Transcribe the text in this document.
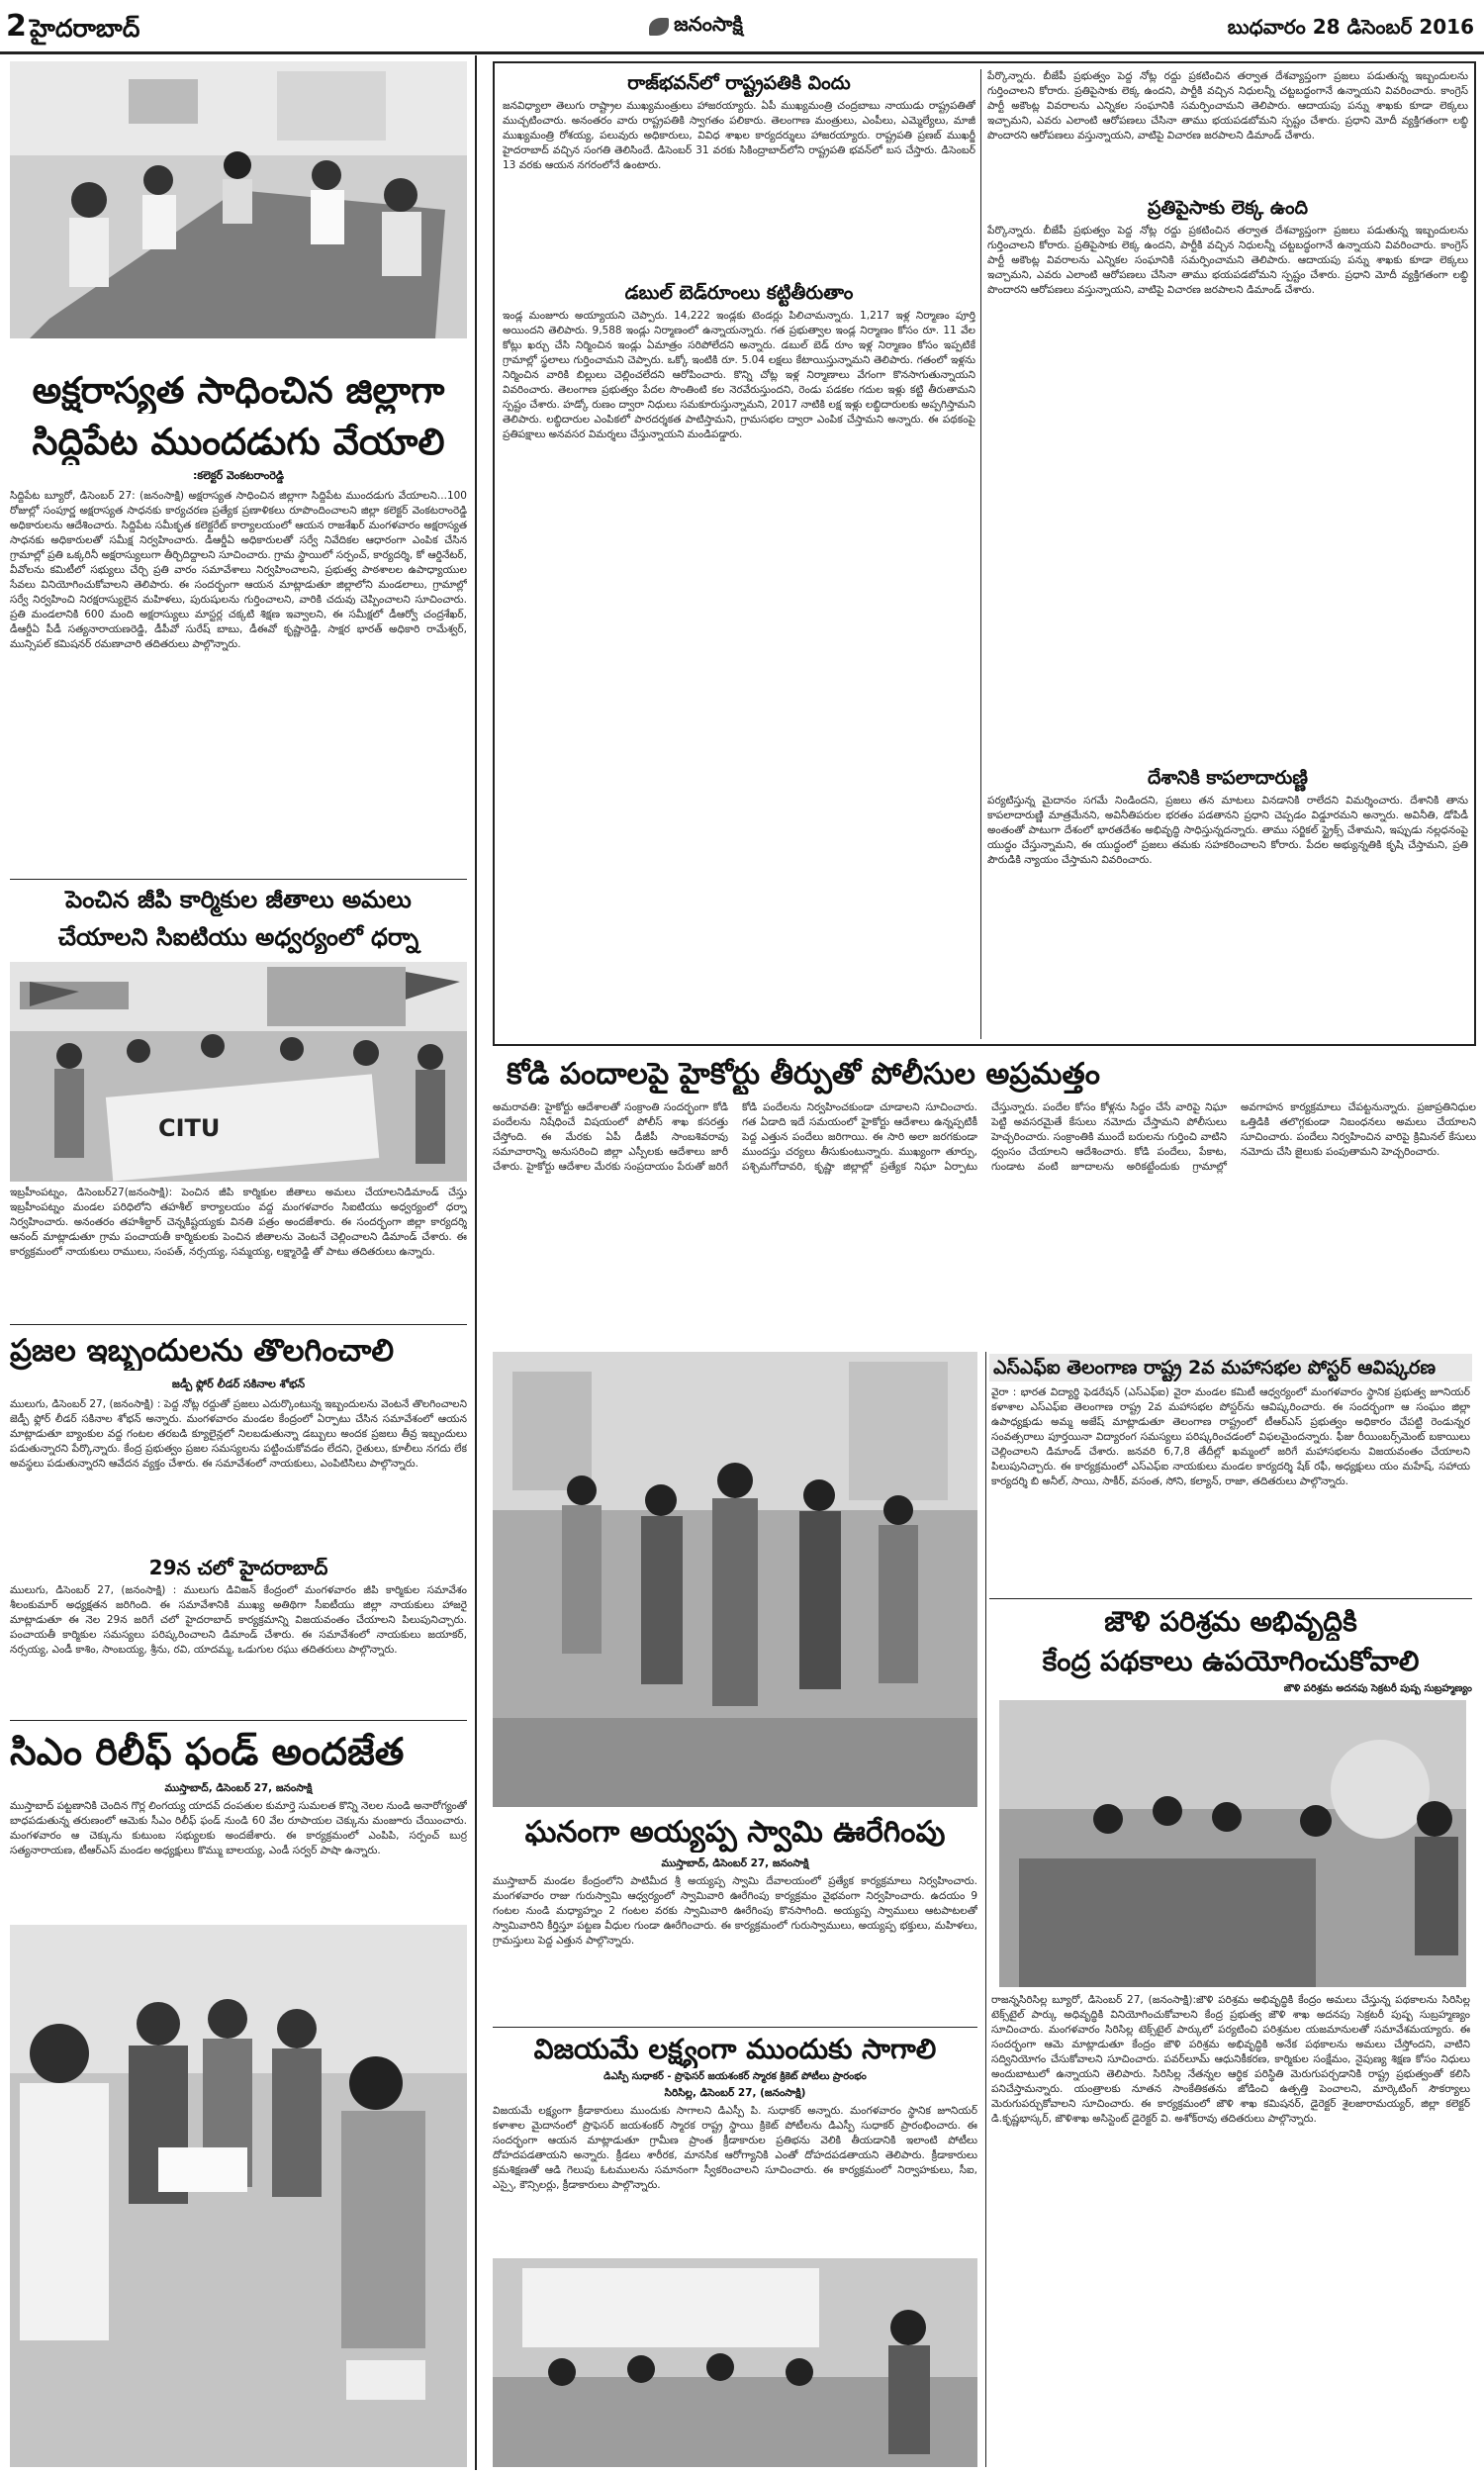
2 హైదరాబాద్	జనంసాక్షి	బుధవారం 28 డిసెంబర్ 2016
అక్షరాస్యత సాధించిన జిల్లాగా
సిద్దిపేట ముందడుగు వేయాలి
:కలెక్టర్ వెంకటరాంరెడ్డి
సిద్దిపేట బ్యూరో, డిసెంబర్ 27: (జనంసాక్షి) అక్షరాస్యత సాధించిన జిల్లాగా సిద్దిపేట ముందడుగు వేయాలని...100 రోజుల్లో సంపూర్ణ అక్షరాస్యత సాధనకు కార్యచరణ ప్రత్యేక ప్రణాళికలు రూపొందించాలని జిల్లా కలెక్టర్ వెంకటరాంరెడ్డి అధికారులను ఆదేశించారు. సిద్దిపేట సమీకృత కలెక్టరేట్ కార్యాలయంలో ఆయన రాజశేఖర్ మంగళవారం అక్షరాస్యత సాధనకు అధికారులతో సమీక్ష నిర్వహించారు. డీఆర్డీఏ అధికారులతో సర్వే నివేదికల ఆధారంగా ఎంపిక చేసిన గ్రామాల్లో ప్రతి ఒక్కరినీ అక్షరాస్యులుగా తీర్చిదిద్దాలని సూచించారు. గ్రామ స్థాయిలో సర్పంచ్, కార్యదర్శి, కో ఆర్డినేటర్, వీవోలను కమిటీలో సభ్యులు చేర్చి ప్రతి వారం సమావేశాలు నిర్వహించాలని, ప్రభుత్వ పాఠశాలల ఉపాధ్యాయుల సేవలు వినియోగించుకోవాలని తెలిపారు. ఈ సందర్భంగా ఆయన మాట్లాడుతూ జిల్లాలోని మండలాలు, గ్రామాల్లో సర్వే నిర్వహించి నిరక్షరాస్యులైన మహిళలు, పురుషులను గుర్తించాలని, వారికి చదువు చెప్పించాలని సూచించారు. ప్రతి మండలానికి 600 మంది అక్షరాస్యులు మాస్టర్ల చక్కటి శిక్షణ ఇవ్వాలని, ఈ సమీక్షలో డీఆర్వో చంద్రశేఖర్, డీఆర్డీఏ పీడీ సత్యనారాయణరెడ్డి, డీపీవో సురేష్ బాబు, డీఈవో కృష్ణారెడ్డి, సాక్షర భారత్ అధికారి రామేశ్వర్, మున్సిపల్ కమిషనర్ రమణాచారి తదితరులు పాల్గొన్నారు.
పెంచిన జీపి కార్మికుల జీతాలు అమలు
చేయాలని సిఐటియు అధ్వర్యంలో ధర్నా
CITU
ఇబ్రహీంపట్నం, డిసెంబర్27(జనంసాక్షి): పెంచిన జీపి కార్మికుల జీతాలు అమలు చేయాలనిడిమాండ్ చేస్తు ఇబ్రహీంపట్నం మండల పరిధిలోని తహశీల్ కార్యాలయం వద్ద మంగళవారం సిఐటియు అధ్వర్యంలో ధర్నా నిర్వహించారు. అనంతరం తహశీల్దార్ చెన్నకిష్టయ్యకు వినతి పత్రం అందజేశారు. ఈ సందర్భంగా జిల్లా కార్యదర్శి ఆనంద్ మాట్లాడుతూ గ్రామ పంచాయతీ కార్మికులకు పెంచిన జీతాలను వెంటనే చెల్లించాలని డిమాండ్ చేశారు. ఈ కార్యక్రమంలో నాయకులు రాములు, సంపత్, నర్సయ్య, సమ్మయ్య, లక్ష్మారెడ్డి తో పాటు తదితరులు ఉన్నారు.
ప్రజల ఇబ్బందులను తొలగించాలి
జడ్పీ ఫ్లోర్ లీడర్ సకినాల శోభన్
ములుగు, డిసెంబర్ 27, (జనంసాక్షి) : పెద్ద నోట్ల రద్దుతో ప్రజలు ఎదుర్కొంటున్న ఇబ్బందులను వెంటనే తొలగించాలని జెడ్పీ ఫ్లోర్ లీడర్ సకినాల శోభన్ అన్నారు. మంగళవారం మండల కేంద్రంలో ఏర్పాటు చేసిన సమావేశంలో ఆయన మాట్లాడుతూ బ్యాంకుల వద్ద గంటల తరబడి క్యూలైన్లలో నిలబడుతున్నా డబ్బులు అందక ప్రజలు తీవ్ర ఇబ్బందులు పడుతున్నారని పేర్కొన్నారు. కేంద్ర ప్రభుత్వం ప్రజల సమస్యలను పట్టించుకోవడం లేదని, రైతులు, కూలీలు నగదు లేక అవస్థలు పడుతున్నారని ఆవేదన వ్యక్తం చేశారు. ఈ సమావేశంలో నాయకులు, ఎంపిటిసిలు పాల్గొన్నారు.
29న చలో హైదరాబాద్
ములుగు, డిసెంబర్ 27, (జనంసాక్షి) : ములుగు డివిజన్ కేంద్రంలో మంగళవారం జీపి కార్మికుల సమావేశం శీలంకుమార్ అధ్యక్షతన జరిగింది. ఈ సమావేశానికి ముఖ్య అతిథిగా సీఐటీయు జిల్లా నాయకులు హాజరై మాట్లాడుతూ ఈ నెల 29న జరిగే చలో హైదరాబాద్ కార్యక్రమాన్ని విజయవంతం చేయాలని పిలుపునిచ్చారు. పంచాయతీ కార్మికుల సమస్యలు పరిష్కరించాలని డిమాండ్ చేశారు. ఈ సమావేశంలో నాయకులు జయాకర్, నర్సయ్య, ఎండీ కాశిం, సాంబయ్య, శ్రీను, రవి, యాదమ్మ, ఒడుగుల రఘు తదితరులు పాల్గొన్నారు.
సిఎం రిలీఫ్ ఫండ్ అందజేత
ముస్తాబాద్, డిసెంబర్ 27, జనంసాక్షి
ముస్తాబాద్ పట్టణానికి చెందిన గొర్ల లింగయ్య యాదవ్ దంపతుల కుమార్తె సుమలత కొన్ని నెలల నుండి అనారోగ్యంతో బాధపడుతున్న తరుణంలో ఆమెకు సీఎం రిలీఫ్ ఫండ్ నుండి 60 వేల రూపాయల చెక్కును మంజూరు చేయించారు. మంగళవారం ఆ చెక్కును కుటుంబ సభ్యులకు అందజేశారు. ఈ కార్యక్రమంలో ఎంపిపి, సర్పంచ్ బుర్ర సత్యనారాయణ, టీఆర్ఎస్ మండల అధ్యక్షులు కొమ్ము బాలయ్య, ఎండీ సర్వర్ పాషా ఉన్నారు.
రాజ్‌భవన్‌లో రాష్ట్రపతికి విందు
జనవిధ్యాలా తెలుగు రాష్ట్రాల ముఖ్యమంత్రులు హాజరయ్యారు. ఏపీ ముఖ్యమంత్రి చంద్రబాబు నాయుడు రాష్ట్రపతితో ముచ్చటించారు. అనంతరం వారు రాష్ట్రపతికి స్వాగతం పలికారు. తెలంగాణ మంత్రులు, ఎంపీలు, ఎమ్మెల్యేలు, మాజీ ముఖ్యమంత్రి రోశయ్య, పలువురు అధికారులు, వివిధ శాఖల కార్యదర్శులు హాజరయ్యారు. రాష్ట్రపతి ప్రణబ్ ముఖర్జీ హైదరాబాద్ వచ్చిన సంగతి తెలిసిందే. డిసెంబర్ 31 వరకు సికింద్రాబాద్‌లోని రాష్ట్రపతి భవన్‌లో బస చేస్తారు. డిసెంబర్ 13 వరకు ఆయన నగరంలోనే ఉంటారు.
డబుల్ బెడ్‌రూంలు కట్టితీరుతాం
ఇండ్ల మంజూరు అయ్యాయని చెప్పారు. 14,222 ఇండ్లకు టెండర్లు పిలిచామన్నారు. 1,217 ఇళ్ల నిర్మాణం పూర్తి అయిందని తెలిపారు. 9,588 ఇండ్లు నిర్మాణంలో ఉన్నాయన్నారు. గత ప్రభుత్వాల ఇండ్ల నిర్మాణం కోసం రూ. 11 వేల కోట్లు ఖర్చు చేసి నిర్మించిన ఇండ్లు ఏమాత్రం సరిపోలేదని అన్నారు. డబుల్ బెడ్ రూం ఇళ్ల నిర్మాణం కోసం ఇప్పటికే గ్రామాల్లో స్థలాలు గుర్తించామని చెప్పారు. ఒక్కో ఇంటికి రూ. 5.04 లక్షలు కేటాయిస్తున్నామని తెలిపారు. గతంలో ఇళ్లను నిర్మించిన వారికి బిల్లులు చెల్లించలేదని ఆరోపించారు. కొన్ని చోట్ల ఇళ్ల నిర్మాణాలు వేగంగా కొనసాగుతున్నాయని వివరించారు. తెలంగాణ ప్రభుత్వం పేదల సొంతింటి కల నెరవేరుస్తుందని, రెండు పడకల గదుల ఇళ్లు కట్టి తీరుతామని స్పష్టం చేశారు. హడ్కో రుణం ద్వారా నిధులు సమకూరుస్తున్నామని, 2017 నాటికి లక్ష ఇళ్లు లబ్ధిదారులకు అప్పగిస్తామని తెలిపారు. లబ్ధిదారుల ఎంపికలో పారదర్శకత పాటిస్తామని, గ్రామసభల ద్వారా ఎంపిక చేస్తామని అన్నారు. ఈ పథకంపై ప్రతిపక్షాలు అనవసర విమర్శలు చేస్తున్నాయని మండిపడ్డారు.
పేర్కొన్నారు. బీజేపీ ప్రభుత్వం పెద్ద నోట్ల రద్దు ప్రకటించిన తర్వాత దేశవ్యాప్తంగా ప్రజలు పడుతున్న ఇబ్బందులను గుర్తించాలని కోరారు. ప్రతిపైసాకు లెక్క ఉందని, పార్టీకి వచ్చిన నిధులన్నీ చట్టబద్ధంగానే ఉన్నాయని వివరించారు. కాంగ్రెస్ పార్టీ అకౌంట్ల వివరాలను ఎన్నికల సంఘానికి సమర్పించామని తెలిపారు. ఆదాయపు పన్ను శాఖకు కూడా లెక్కలు ఇచ్చామని, ఎవరు ఎలాంటి ఆరోపణలు చేసినా తాము భయపడబోమని స్పష్టం చేశారు. ప్రధాని మోదీ వ్యక్తిగతంగా లబ్ధి పొందారని ఆరోపణలు వస్తున్నాయని, వాటిపై విచారణ జరపాలని డిమాండ్ చేశారు.
ప్రతిపైసాకు లెక్క ఉంది
పేర్కొన్నారు. బీజేపీ ప్రభుత్వం పెద్ద నోట్ల రద్దు ప్రకటించిన తర్వాత దేశవ్యాప్తంగా ప్రజలు పడుతున్న ఇబ్బందులను గుర్తించాలని కోరారు. ప్రతిపైసాకు లెక్క ఉందని, పార్టీకి వచ్చిన నిధులన్నీ చట్టబద్ధంగానే ఉన్నాయని వివరించారు. కాంగ్రెస్ పార్టీ అకౌంట్ల వివరాలను ఎన్నికల సంఘానికి సమర్పించామని తెలిపారు. ఆదాయపు పన్ను శాఖకు కూడా లెక్కలు ఇచ్చామని, ఎవరు ఎలాంటి ఆరోపణలు చేసినా తాము భయపడబోమని స్పష్టం చేశారు. ప్రధాని మోదీ వ్యక్తిగతంగా లబ్ధి పొందారని ఆరోపణలు వస్తున్నాయని, వాటిపై విచారణ జరపాలని డిమాండ్ చేశారు.
దేశానికి కాపలాదారుణ్ణి
పర్యటిస్తున్న మైదానం సగమే నిండిందని, ప్రజలు తన మాటలు వినడానికి రాలేదని విమర్శించారు. దేశానికి తాను కాపలాదారుణ్ణి మాత్రమేనని, అవినీతిపరుల భరతం పడతానని ప్రధాని చెప్పడం విడ్డూరమని అన్నారు. అవినీతి, డోపిడీ అంతంతో పాటుగా దేశంలో భారతదేశం అభివృద్ధి సాధిస్తున్నదన్నారు. తాము సర్జికల్ స్ట్రైక్స్ చేశామని, ఇప్పుడు నల్లధనంపై యుద్ధం చేస్తున్నామని, ఈ యుద్ధంలో ప్రజలు తమకు సహకరించాలని కోరారు. పేదల అభ్యున్నతికి కృషి చేస్తామని, ప్రతి పౌరుడికి న్యాయం చేస్తామని వివరించారు.
కోడి పందాలపై హైకోర్టు తీర్పుతో పోలీసుల అప్రమత్తం
అమరావతి: హైకోర్టు ఆదేశాలతో సంక్రాంతి సందర్భంగా కోడి పందేలను నిషేధించే విషయంలో పోలీస్ శాఖ కసరత్తు చేస్తోంది. ఈ మేరకు ఏపీ డీజీపీ సాంబశివరావు సమాచారాన్ని అనుసరించి జిల్లా ఎస్పీలకు ఆదేశాలు జారీ చేశారు. హైకోర్టు ఆదేశాల మేరకు సంప్రదాయం పేరుతో జరిగే కోడి పందేలను నిర్వహించకుండా చూడాలని సూచించారు. గత ఏడాది ఇదే సమయంలో హైకోర్టు ఆదేశాలు ఉన్నప్పటికీ పెద్ద ఎత్తున పందేలు జరిగాయి. ఈ సారి అలా జరగకుండా ముందస్తు చర్యలు తీసుకుంటున్నారు. ముఖ్యంగా తూర్పు, పశ్చిమగోదావరి, కృష్ణా జిల్లాల్లో ప్రత్యేక నిఘా ఏర్పాటు చేస్తున్నారు. పందేల కోసం కోళ్లను సిద్ధం చేసే వారిపై నిఘా పెట్టి అవసరమైతే కేసులు నమోదు చేస్తామని పోలీసులు హెచ్చరించారు. సంక్రాంతికి ముందే బరులను గుర్తించి వాటిని ధ్వంసం చేయాలని ఆదేశించారు. కోడి పందేలు, పేకాట, గుండాట వంటి జూదాలను అరికట్టేందుకు గ్రామాల్లో అవగాహన కార్యక్రమాలు చేపట్టనున్నారు. ప్రజాప్రతినిధుల ఒత్తిడికి తలొగ్గకుండా నిబంధనలు అమలు చేయాలని సూచించారు. పందేలు నిర్వహించిన వారిపై క్రిమినల్ కేసులు నమోదు చేసి జైలుకు పంపుతామని హెచ్చరించారు.
ఎస్ఎఫ్ఐ తెలంగాణ రాష్ట్ర 2వ మహాసభల పోస్టర్ ఆవిష్కరణ
వైరా : భారత విద్యార్థి ఫెడరేషన్ (ఎస్ఎఫ్ఐ) వైరా మండల కమిటీ ఆధ్వర్యంలో మంగళవారం స్థానిక ప్రభుత్వ జూనియర్ కళాశాల ఎస్ఎఫ్ఐ తెలంగాణ రాష్ట్ర 2వ మహాసభల పోస్టర్‌ను ఆవిష్కరించారు. ఈ సందర్భంగా ఆ సంఘం జిల్లా ఉపాధ్యక్షుడు అమ్మ అజేష్ మాట్లాడుతూ తెలంగాణ రాష్ట్రంలో టీఆర్ఎస్ ప్రభుత్వం అధికారం చేపట్టి రెండున్నర సంవత్సరాలు పూర్తయినా విద్యారంగ సమస్యలు పరిష్కరించడంలో విఫలమైందన్నారు. ఫీజు రీయింబర్స్‌మెంట్ బకాయిలు చెల్లించాలని డిమాండ్ చేశారు. జనవరి 6,7,8 తేదీల్లో ఖమ్మంలో జరిగే మహాసభలను విజయవంతం చేయాలని పిలుపునిచ్చారు. ఈ కార్యక్రమంలో ఎస్ఎఫ్ఐ నాయకులు మండల కార్యదర్శి షేక్ రఫీ, అధ్యక్షులు యం మహేష్, సహాయ కార్యదర్శి బి అనీల్, సాయి, సాకీర్, వసంత, సోని, కల్యాన్, రాజా, తదితరులు పాల్గొన్నారు.
జౌళి పరిశ్రమ అభివృద్ధికి
కేంద్ర పథకాలు ఉపయోగించుకోవాలి
జౌళి పరిశ్రమ అదనపు సెక్రటరీ పుష్ప సుబ్రహ్మణ్యం
రాజన్నసిరిసిల్ల బ్యూరో, డిసెంబర్ 27, (జనంసాక్షి):జౌళి పరిశ్రమ అభివృద్ధికి కేంద్రం అమలు చేస్తున్న పథకాలను సిరిసిల్ల టెక్స్‌టైల్ పార్కు అధివృద్ధికి వినియోగించుకోవాలని కేంద్ర ప్రభుత్వ జౌళి శాఖ అదనపు సెక్రటరీ పుష్ప సుబ్రహ్మణ్యం సూచించారు. మంగళవారం సిరిసిల్ల టెక్స్‌టైల్ పార్కులో పర్యటించి పరిశ్రమల యజమానులతో సమావేశమయ్యారు. ఈ సందర్భంగా ఆమె మాట్లాడుతూ కేంద్రం జౌళి పరిశ్రమ అభివృద్ధికి అనేక పథకాలను అమలు చేస్తోందని, వాటిని సద్వినియోగం చేసుకోవాలని సూచించారు. పవర్‌లూమ్ ఆధునికీకరణ, కార్మికుల సంక్షేమం, నైపుణ్య శిక్షణ కోసం నిధులు అందుబాటులో ఉన్నాయని తెలిపారు. సిరిసిల్ల నేతన్నల ఆర్థిక పరిస్థితి మెరుగుపర్చడానికి రాష్ట్ర ప్రభుత్వంతో కలిసి పనిచేస్తామన్నారు. యంత్రాలకు నూతన సాంకేతికతను జోడించి ఉత్పత్తి పెంచాలని, మార్కెటింగ్ సౌకర్యాలు మెరుగుపర్చుకోవాలని సూచించారు. ఈ కార్యక్రమంలో జౌళి శాఖ కమిషనర్, డైరెక్టర్ శైలజారామయ్యర్, జిల్లా కలెక్టర్ డి.కృష్ణభాస్కర్, జౌళిశాఖ అసిస్టెంట్ డైరెక్టర్ వి. అశోక్‌రావు తదితరులు పాల్గొన్నారు.
ఘనంగా అయ్యప్ప స్వామి ఊరేగింపు
ముస్తాబాద్, డిసెంబర్ 27, జనంసాక్షి
ముస్తాబాద్ మండల కేంద్రంలోని పాటిమీద శ్రీ అయ్యప్ప స్వామి దేవాలయంలో ప్రత్యేక కార్యక్రమాలు నిర్వహించారు. మంగళవారం రాజు గురుస్వామి ఆధ్వర్యంలో స్వామివారి ఊరేగింపు కార్యక్రమం వైభవంగా నిర్వహించారు. ఉదయం 9 గంటల నుండి మధ్యాహ్నం 2 గంటల వరకు స్వామివారి ఊరేగింపు కొనసాగింది. అయ్యప్ప స్వాములు ఆటపాటలతో స్వామివారిని కీర్తిస్తూ పట్టణ వీధుల గుండా ఊరేగించారు. ఈ కార్యక్రమంలో గురుస్వాములు, అయ్యప్ప భక్తులు, మహిళలు, గ్రామస్తులు పెద్ద ఎత్తున పాల్గొన్నారు.
విజయమే లక్ష్యంగా ముందుకు సాగాలి
డిఎస్పీ సుధాకర్ - ప్రొఫెసర్ జయశంకర్ స్మారక క్రికెట్ పోటీలు ప్రారంభం
సిరిసిల్ల, డిసెంబర్ 27, (జనంసాక్షి)
విజయమే లక్ష్యంగా క్రీడాకారులు ముందుకు సాగాలని డిఎస్పీ పి. సుధాకర్ అన్నారు. మంగళవారం స్థానిక జూనియర్ కళాశాల మైదానంలో ప్రొఫెసర్ జయశంకర్ స్మారక రాష్ట్ర స్థాయి క్రికెట్ పోటీలను డిఎస్పీ సుధాకర్ ప్రారంభించారు. ఈ సందర్భంగా ఆయన మాట్లాడుతూ గ్రామీణ ప్రాంత క్రీడాకారుల ప్రతిభను వెలికి తీయడానికి ఇలాంటి పోటీలు దోహదపడతాయని అన్నారు. క్రీడలు శారీరక, మానసిక ఆరోగ్యానికి ఎంతో దోహదపడతాయని తెలిపారు. క్రీడాకారులు క్రమశిక్షణతో ఆడి గెలుపు ఓటములను సమానంగా స్వీకరించాలని సూచించారు. ఈ కార్యక్రమంలో నిర్వాహకులు, సీఐ, ఎస్సై, కౌన్సిలర్లు, క్రీడాకారులు పాల్గొన్నారు.
